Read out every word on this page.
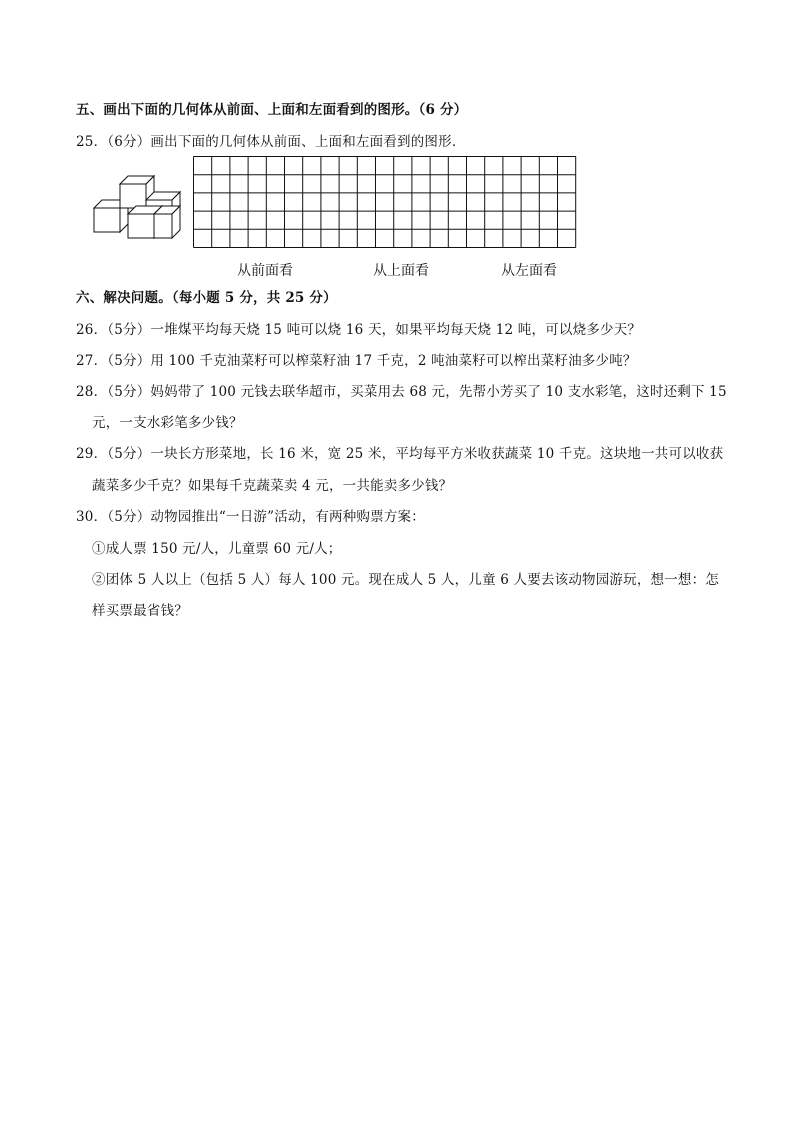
五、画出下面的几何体从前面、上面和左面看到的图形。（6 分）
25．（6分）画出下面的几何体从前面、上面和左面看到的图形．
从前面看	从上面看	从左面看
六、解决问题。（每小题 5 分，共 25 分）
26．（5分）一堆煤平均每天烧 15 吨可以烧 16 天，如果平均每天烧 12 吨，可以烧多少天？
27．（5分）用 100 千克油菜籽可以榨菜籽油 17 千克，2 吨油菜籽可以榨出菜籽油多少吨？
28．（5分）妈妈带了 100 元钱去联华超市，买菜用去 68 元，先帮小芳买了 10 支水彩笔，这时还剩下 15
元，一支水彩笔多少钱？
29．（5分）一块长方形菜地，长 16 米，宽 25 米，平均每平方米收获蔬菜 10 千克。这块地一共可以收获
蔬菜多少千克？如果每千克蔬菜卖 4 元，一共能卖多少钱？
30．（5分）动物园推出“一日游”活动，有两种购票方案：
①成人票 150 元/人，儿童票 60 元/人；
②团体 5 人以上（包括 5 人）每人 100 元。现在成人 5 人，儿童 6 人要去该动物园游玩，想一想：怎
样买票最省钱？
